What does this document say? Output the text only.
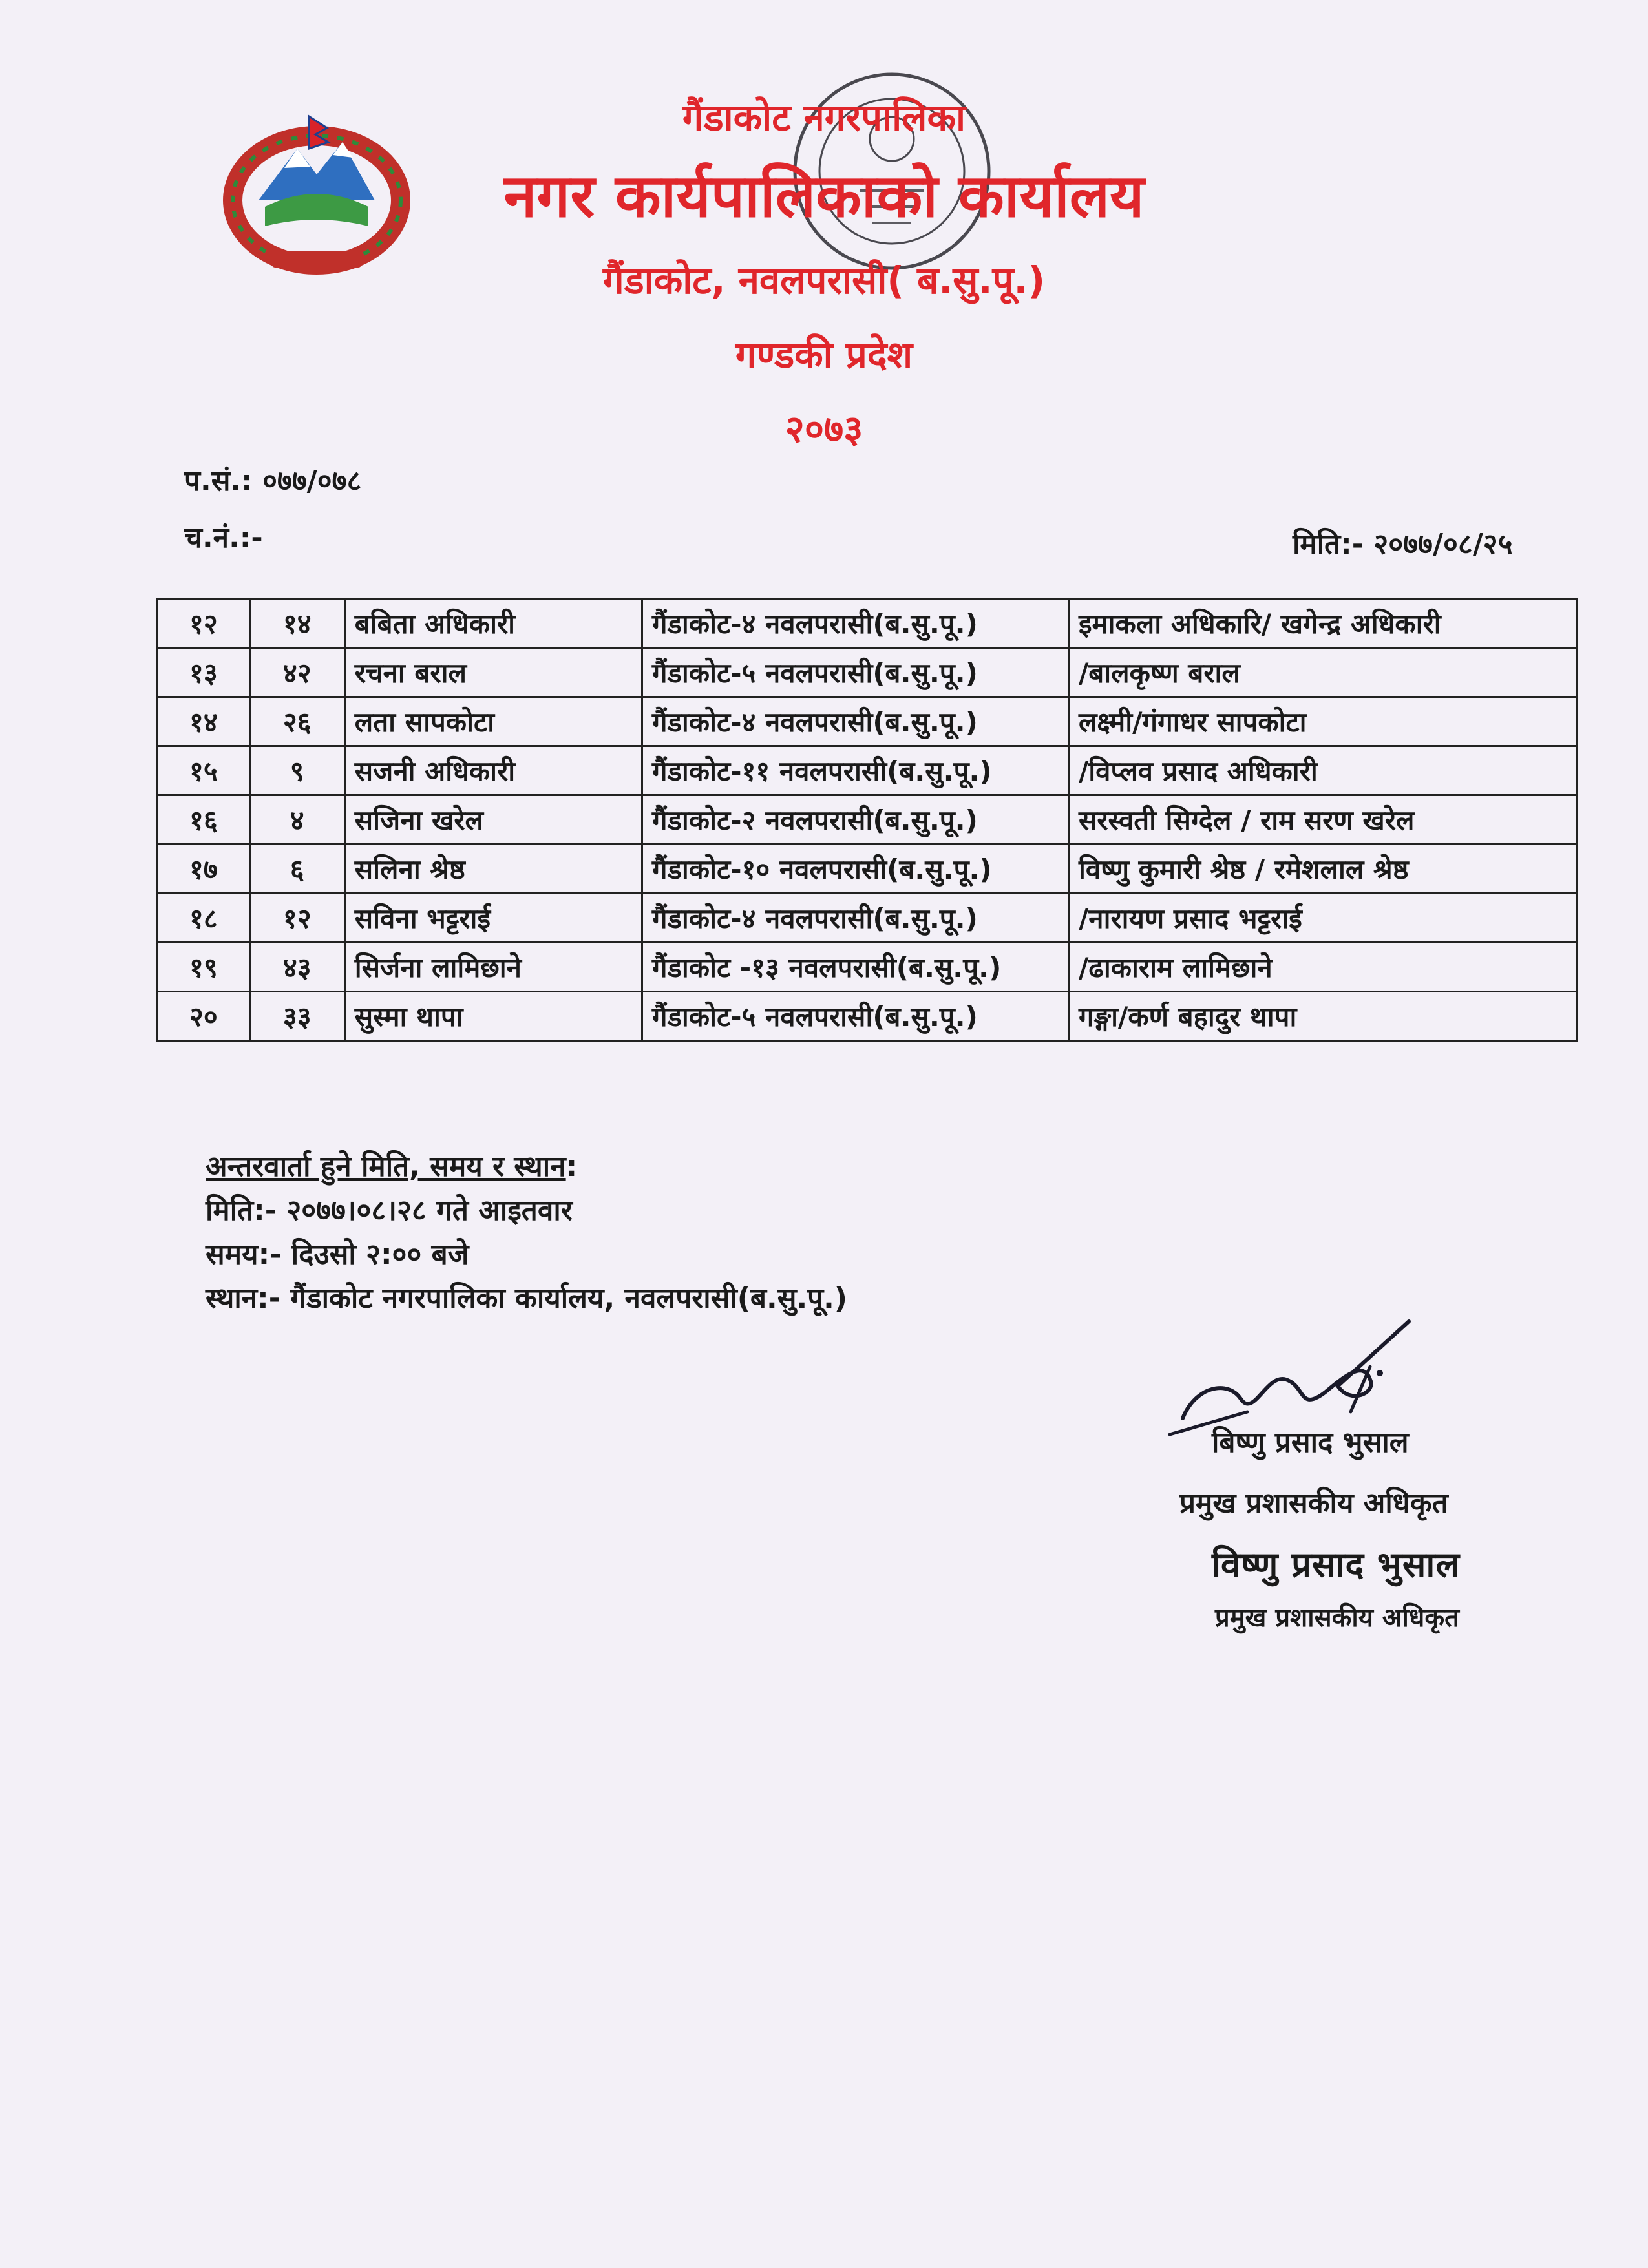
गैंडाकोट नगरपालिका
नगर कार्यपालिकाको कार्यालय
गैंडाकोट, नवलपरासी( ब.सु.पू.)
गण्डकी प्रदेश
२०७३
प.सं.: ०७७/०७८
च.नं.:-	मिति:- २०७७/०८/२५
१२	१४	बबिता अधिकारी	गैंडाकोट-४ नवलपरासी(ब.सु.पू.)	इमाकला अधिकारि/ खगेन्द्र अधिकारी
१३	४२	रचना बराल	गैंडाकोट-५ नवलपरासी(ब.सु.पू.)	/बालकृष्ण बराल
१४	२६	लता सापकोटा	गैंडाकोट-४ नवलपरासी(ब.सु.पू.)	लक्ष्मी/गंगाधर सापकोटा
१५	९	सजनी अधिकारी	गैंडाकोट-११ नवलपरासी(ब.सु.पू.)	/विप्लव प्रसाद अधिकारी
१६	४	सजिना खरेल	गैंडाकोट-२ नवलपरासी(ब.सु.पू.)	सरस्वती सिग्देल / राम सरण खरेल
१७	६	सलिना श्रेष्ठ	गैंडाकोट-१० नवलपरासी(ब.सु.पू.)	विष्णु कुमारी श्रेष्ठ / रमेशलाल श्रेष्ठ
१८	१२	सविना भट्टराई	गैंडाकोट-४ नवलपरासी(ब.सु.पू.)	/नारायण प्रसाद भट्टराई
१९	४३	सिर्जना लामिछाने	गैंडाकोट -१३ नवलपरासी(ब.सु.पू.)	/ढाकाराम लामिछाने
२०	३३	सुस्मा थापा	गैंडाकोट-५ नवलपरासी(ब.सु.पू.)	गङ्गा/कर्ण बहादुर थापा
अन्तरवार्ता हुने मिति, समय र स्थान:
मिति:- २०७७।०८।२८ गते आइतवार
समय:- दिउसो २:०० बजे
स्थान:- गैंडाकोट नगरपालिका कार्यालय, नवलपरासी(ब.सु.पू.)
बिष्णु प्रसाद भुसाल
प्रमुख प्रशासकीय अधिकृत
विष्णु प्रसाद भुसाल
प्रमुख प्रशासकीय अधिकृत
